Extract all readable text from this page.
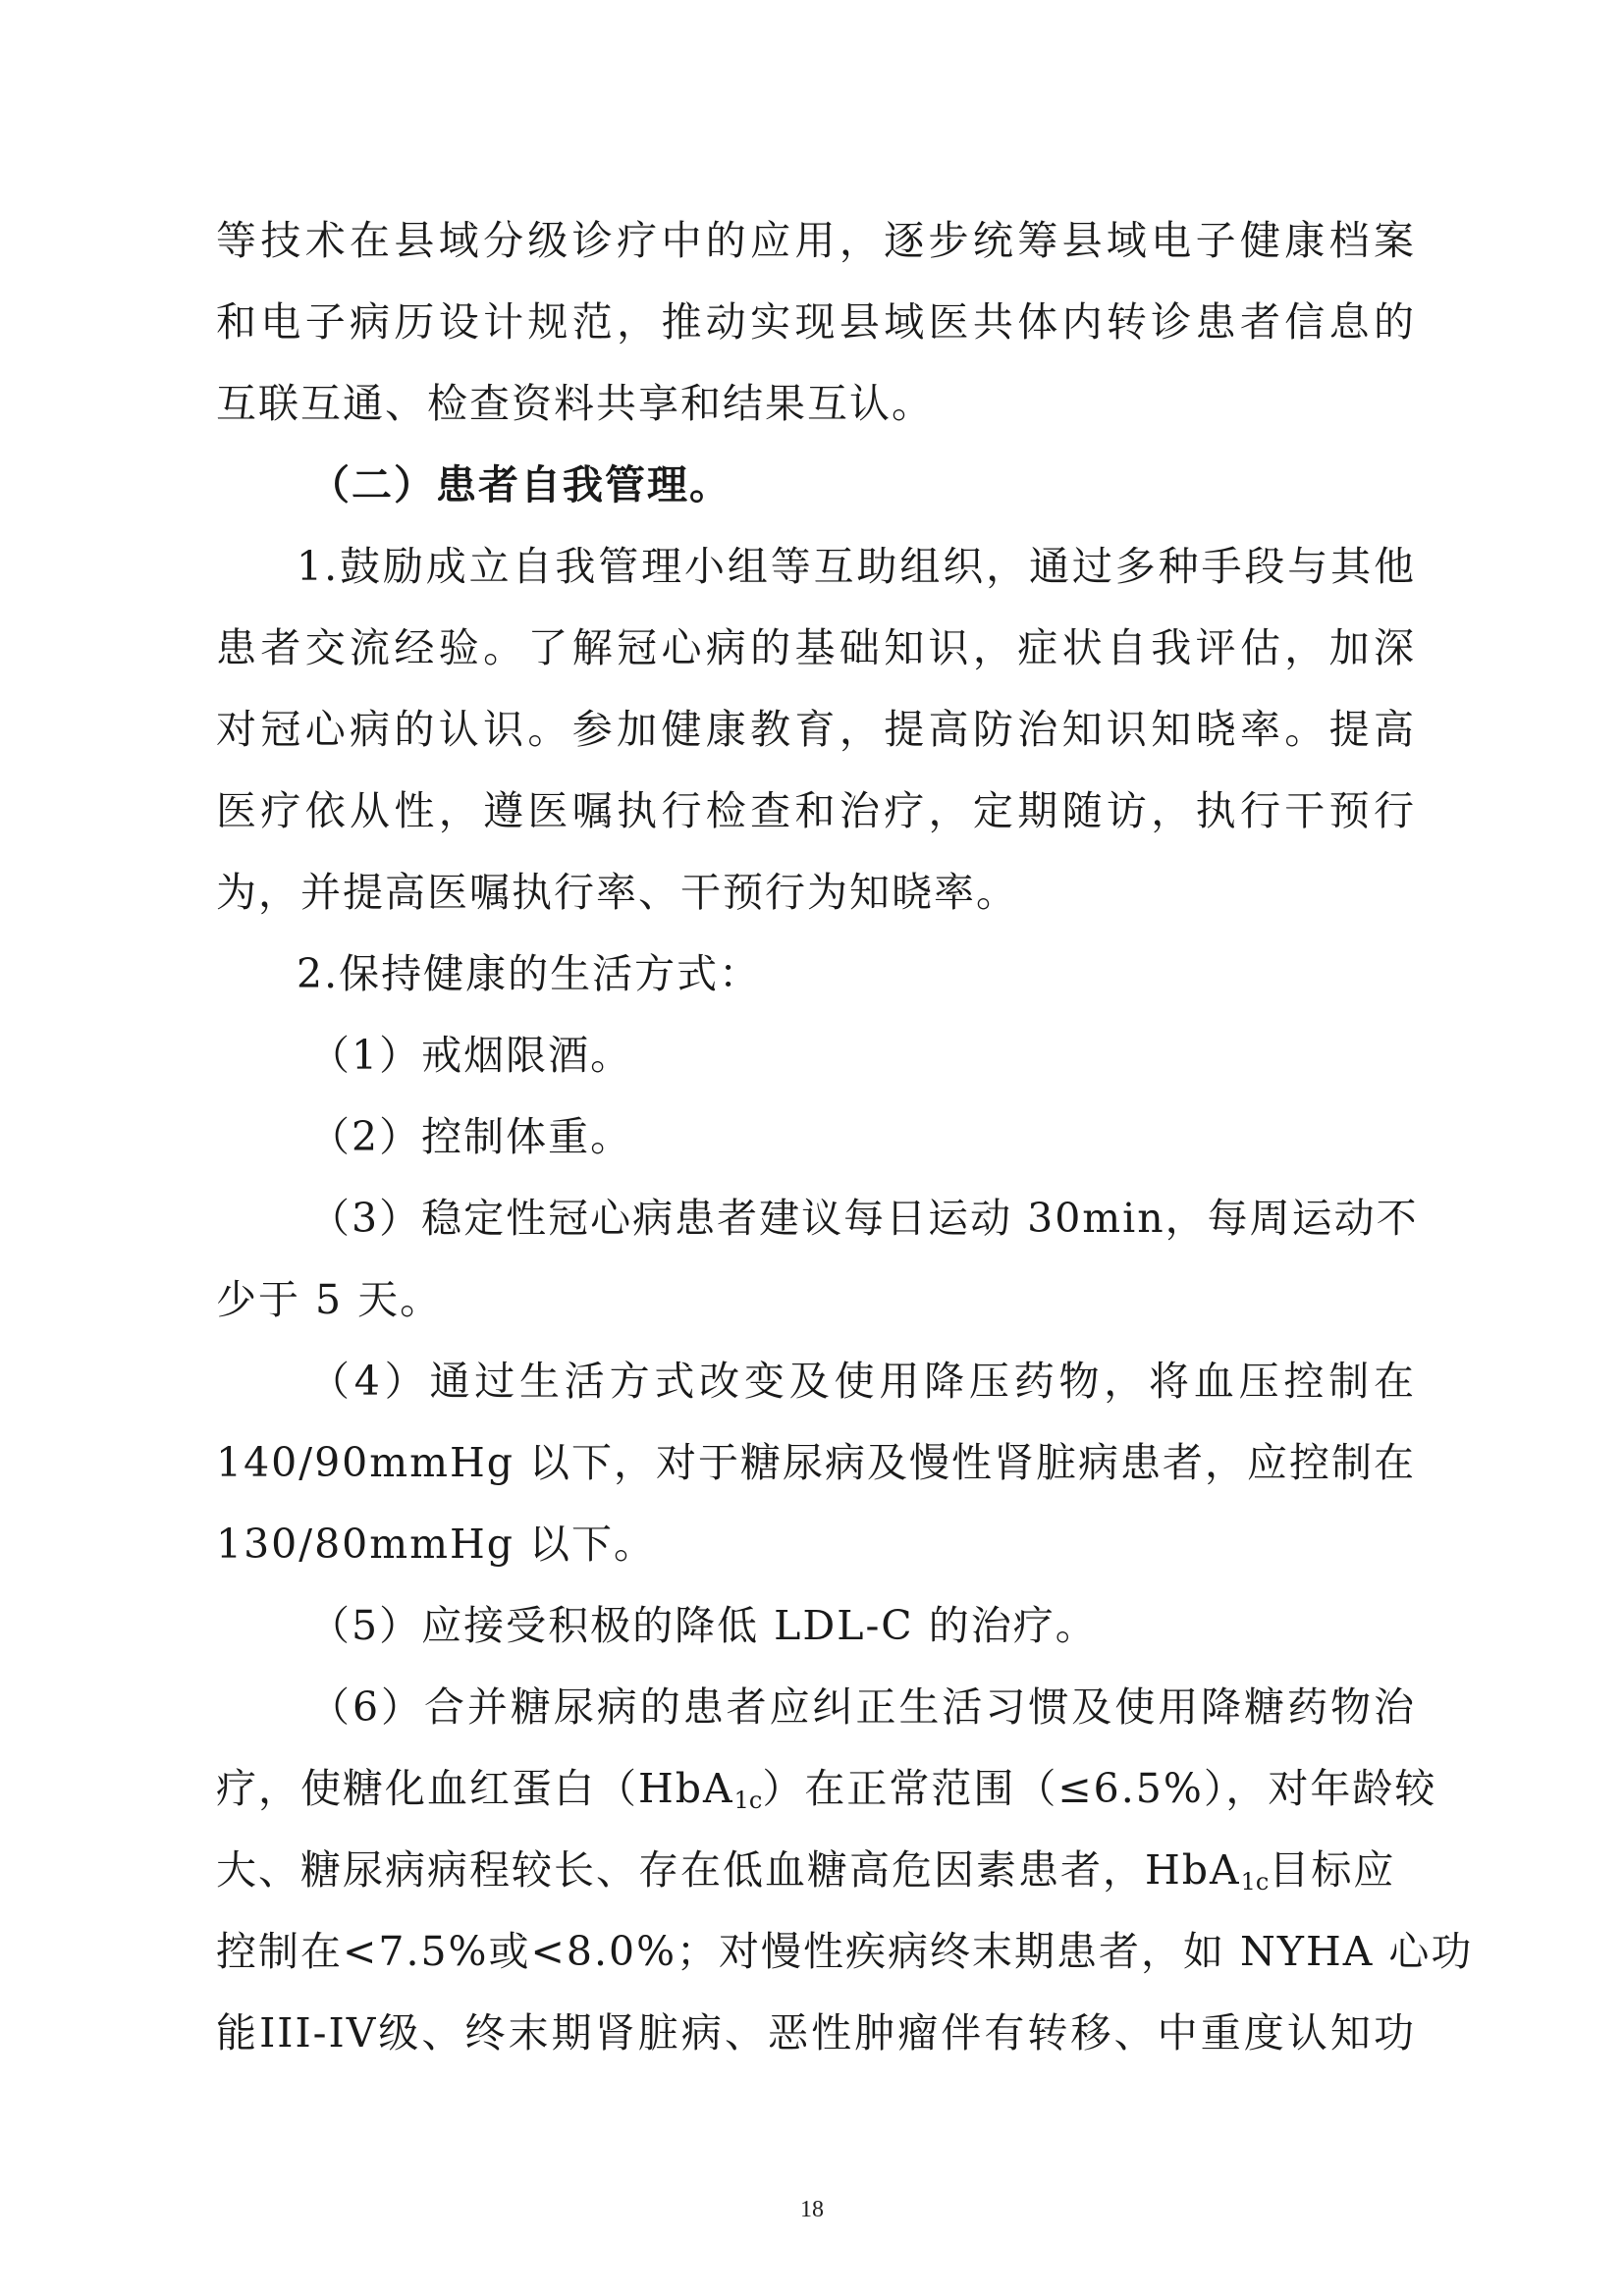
等技术在县域分级诊疗中的应用，逐步统筹县域电子健康档案
和电子病历设计规范，推动实现县域医共体内转诊患者信息的
互联互通、检查资料共享和结果互认。
（二）患者自我管理。
1.鼓励成立自我管理小组等互助组织，通过多种手段与其他
患者交流经验。了解冠心病的基础知识，症状自我评估，加深
对冠心病的认识。参加健康教育，提高防治知识知晓率。提高
医疗依从性，遵医嘱执行检查和治疗，定期随访，执行干预行
为，并提高医嘱执行率、干预行为知晓率。
2.保持健康的生活方式：
（1）戒烟限酒。
（2）控制体重。
（3）稳定性冠心病患者建议每日运动 30min，每周运动不
少于 5 天。
（4）通过生活方式改变及使用降压药物，将血压控制在
140/90mmHg 以下，对于糖尿病及慢性肾脏病患者，应控制在
130/80mmHg 以下。
（5）应接受积极的降低 LDL-C 的治疗。
（6）合并糖尿病的患者应纠正生活习惯及使用降糖药物治
疗，使糖化血红蛋白（HbA$_{1c}$）在正常范围（≤6.5%），对年龄较
大、糖尿病病程较长、存在低血糖高危因素患者，HbA$_{1c}$目标应
控制在<7.5%或<8.0%；对慢性疾病终末期患者，如 NYHA 心功
能III-IV级、终末期肾脏病、恶性肿瘤伴有转移、中重度认知功
18
